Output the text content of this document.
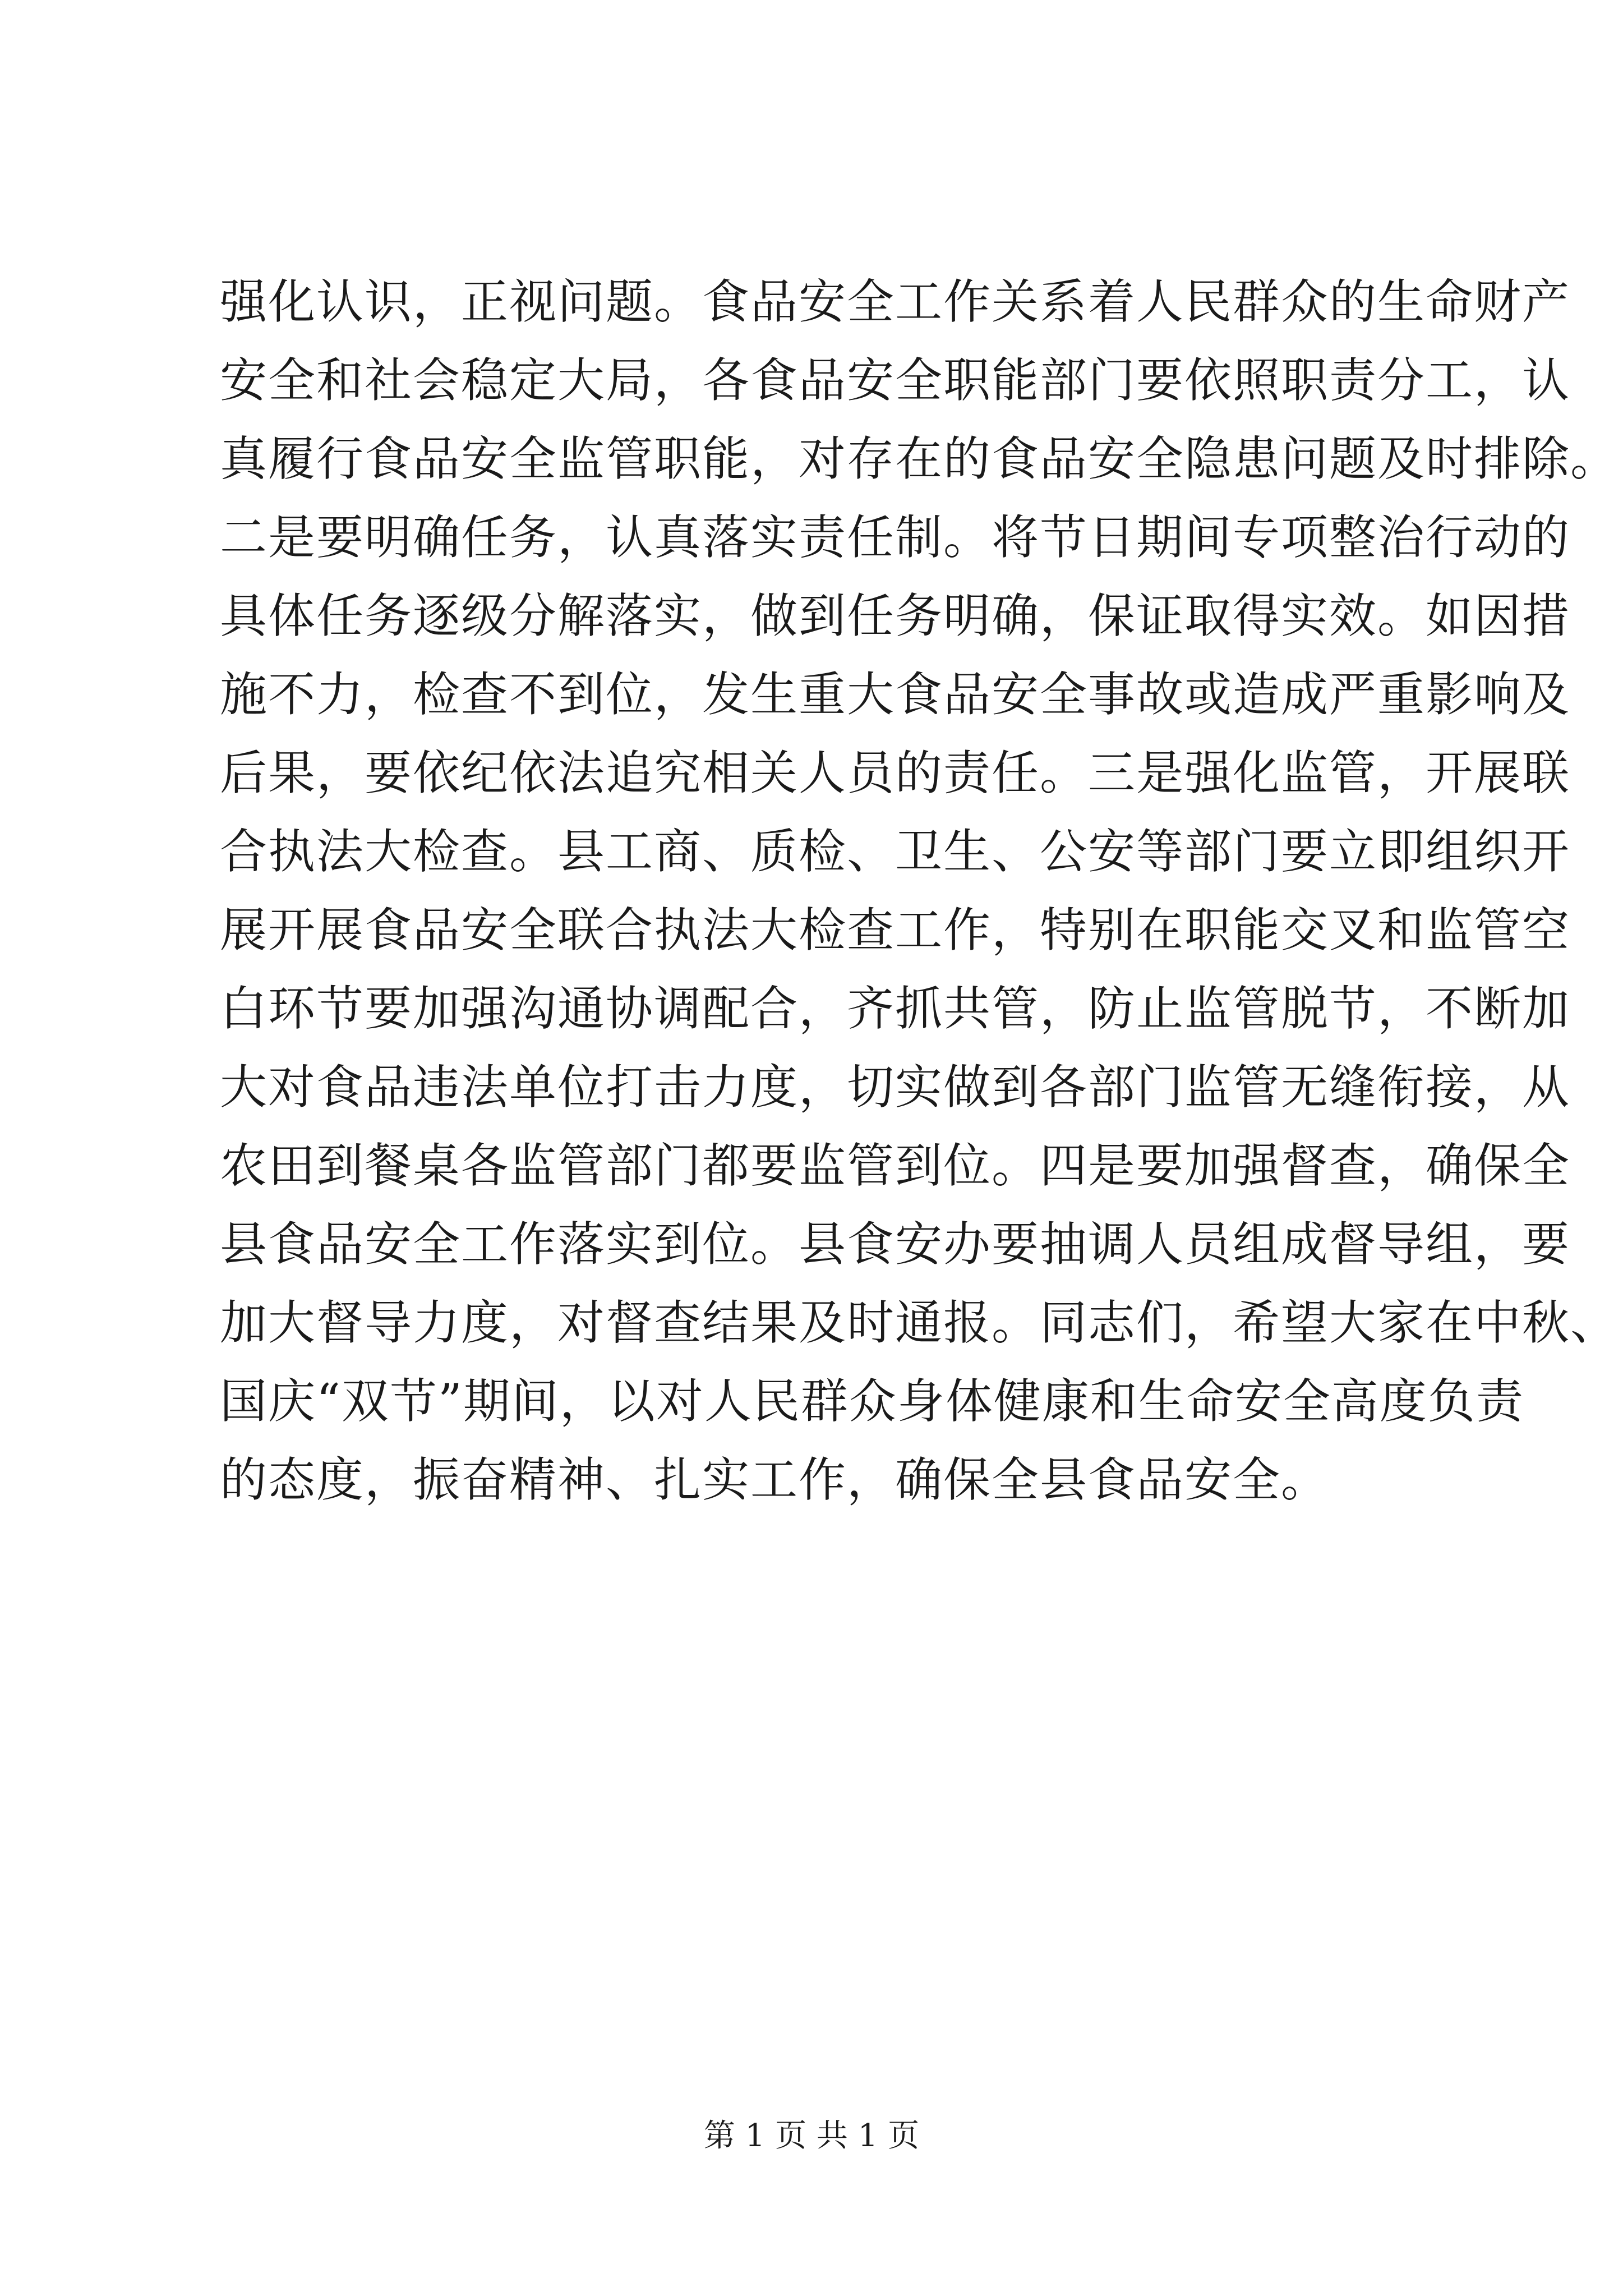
强化认识，正视问题。食品安全工作关系着人民群众的生命财产
安全和社会稳定大局，各食品安全职能部门要依照职责分工，认
真履行食品安全监管职能，对存在的食品安全隐患问题及时排除。
二是要明确任务，认真落实责任制。将节日期间专项整治行动的
具体任务逐级分解落实，做到任务明确，保证取得实效。如因措
施不力，检查不到位，发生重大食品安全事故或造成严重影响及
后果，要依纪依法追究相关人员的责任。三是强化监管，开展联
合执法大检查。县工商、质检、卫生、公安等部门要立即组织开
展开展食品安全联合执法大检查工作，特别在职能交叉和监管空
白环节要加强沟通协调配合，齐抓共管，防止监管脱节，不断加
大对食品违法单位打击力度，切实做到各部门监管无缝衔接，从
农田到餐桌各监管部门都要监管到位。四是要加强督查，确保全
县食品安全工作落实到位。县食安办要抽调人员组成督导组，要
加大督导力度，对督查结果及时通报。同志们，希望大家在中秋、
国庆“双节”期间，以对人民群众身体健康和生命安全高度负责
的态度，振奋精神、扎实工作，确保全县食品安全。
第 1 页 共 1 页
